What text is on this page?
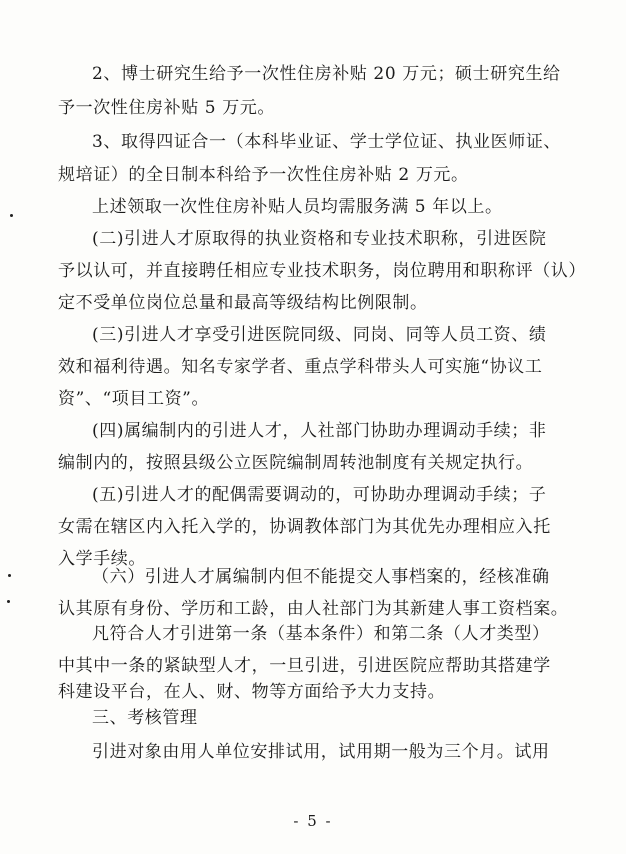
2、博士研究生给予一次性住房补贴 20 万元；硕士研究生给
予一次性住房补贴 5 万元。
3、取得四证合一（本科毕业证、学士学位证、执业医师证、
规培证）的全日制本科给予一次性住房补贴 2 万元。
上述领取一次性住房补贴人员均需服务满 5 年以上。
(二)引进人才原取得的执业资格和专业技术职称，引进医院
予以认可，并直接聘任相应专业技术职务，岗位聘用和职称评（认）
定不受单位岗位总量和最高等级结构比例限制。
(三)引进人才享受引进医院同级、同岗、同等人员工资、绩
效和福利待遇。知名专家学者、重点学科带头人可实施“协议工
资”、“项目工资”。
(四)属编制内的引进人才，人社部门协助办理调动手续；非
编制内的，按照县级公立医院编制周转池制度有关规定执行。
(五)引进人才的配偶需要调动的，可协助办理调动手续；子
女需在辖区内入托入学的，协调教体部门为其优先办理相应入托
入学手续。
（六）引进人才属编制内但不能提交人事档案的，经核准确
认其原有身份、学历和工龄，由人社部门为其新建人事工资档案。
凡符合人才引进第一条（基本条件）和第二条（人才类型）
中其中一条的紧缺型人才，一旦引进，引进医院应帮助其搭建学
科建设平台，在人、财、物等方面给予大力支持。
三、考核管理
引进对象由用人单位安排试用，试用期一般为三个月。试用
- 5 -
